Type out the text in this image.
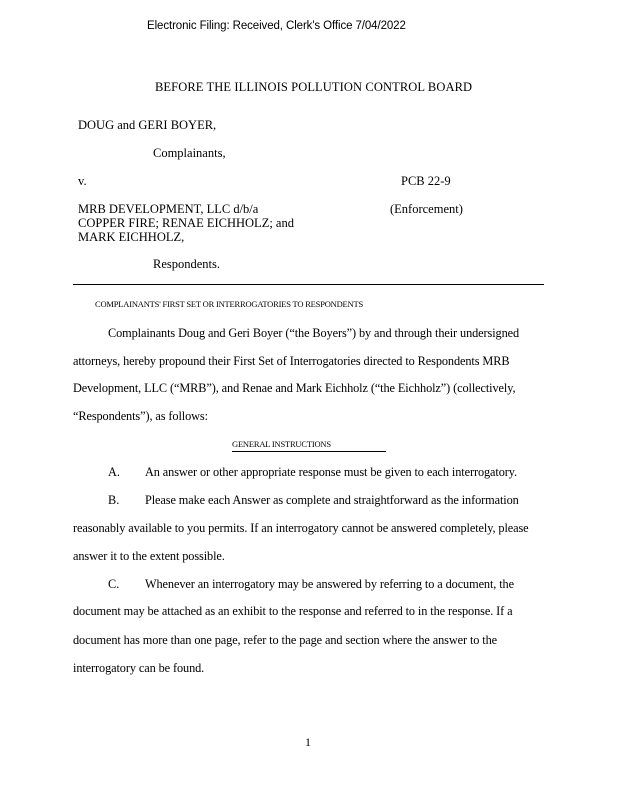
Electronic Filing: Received, Clerk's Office 7/04/2022
BEFORE THE ILLINOIS POLLUTION CONTROL BOARD
DOUG and GERI BOYER,
Complainants,
v.	PCB 22-9
MRB DEVELOPMENT, LLC d/b/a	(Enforcement)
COPPER FIRE; RENAE EICHHOLZ; and
MARK EICHHOLZ,
Respondents.
COMPLAINANTS' FIRST SET OR INTERROGATORIES TO RESPONDENTS
Complainants Doug and Geri Boyer (“the Boyers”) by and through their undersigned
attorneys, hereby propound their First Set of Interrogatories directed to Respondents MRB
Development, LLC (“MRB”), and Renae and Mark Eichholz (“the Eichholz”) (collectively,
“Respondents”), as follows:
GENERAL INSTRUCTIONS
A. An answer or other appropriate response must be given to each interrogatory.
B. Please make each Answer as complete and straightforward as the information
reasonably available to you permits. If an interrogatory cannot be answered completely, please
answer it to the extent possible.
C. Whenever an interrogatory may be answered by referring to a document, the
document may be attached as an exhibit to the response and referred to in the response. If a
document has more than one page, refer to the page and section where the answer to the
interrogatory can be found.
1
